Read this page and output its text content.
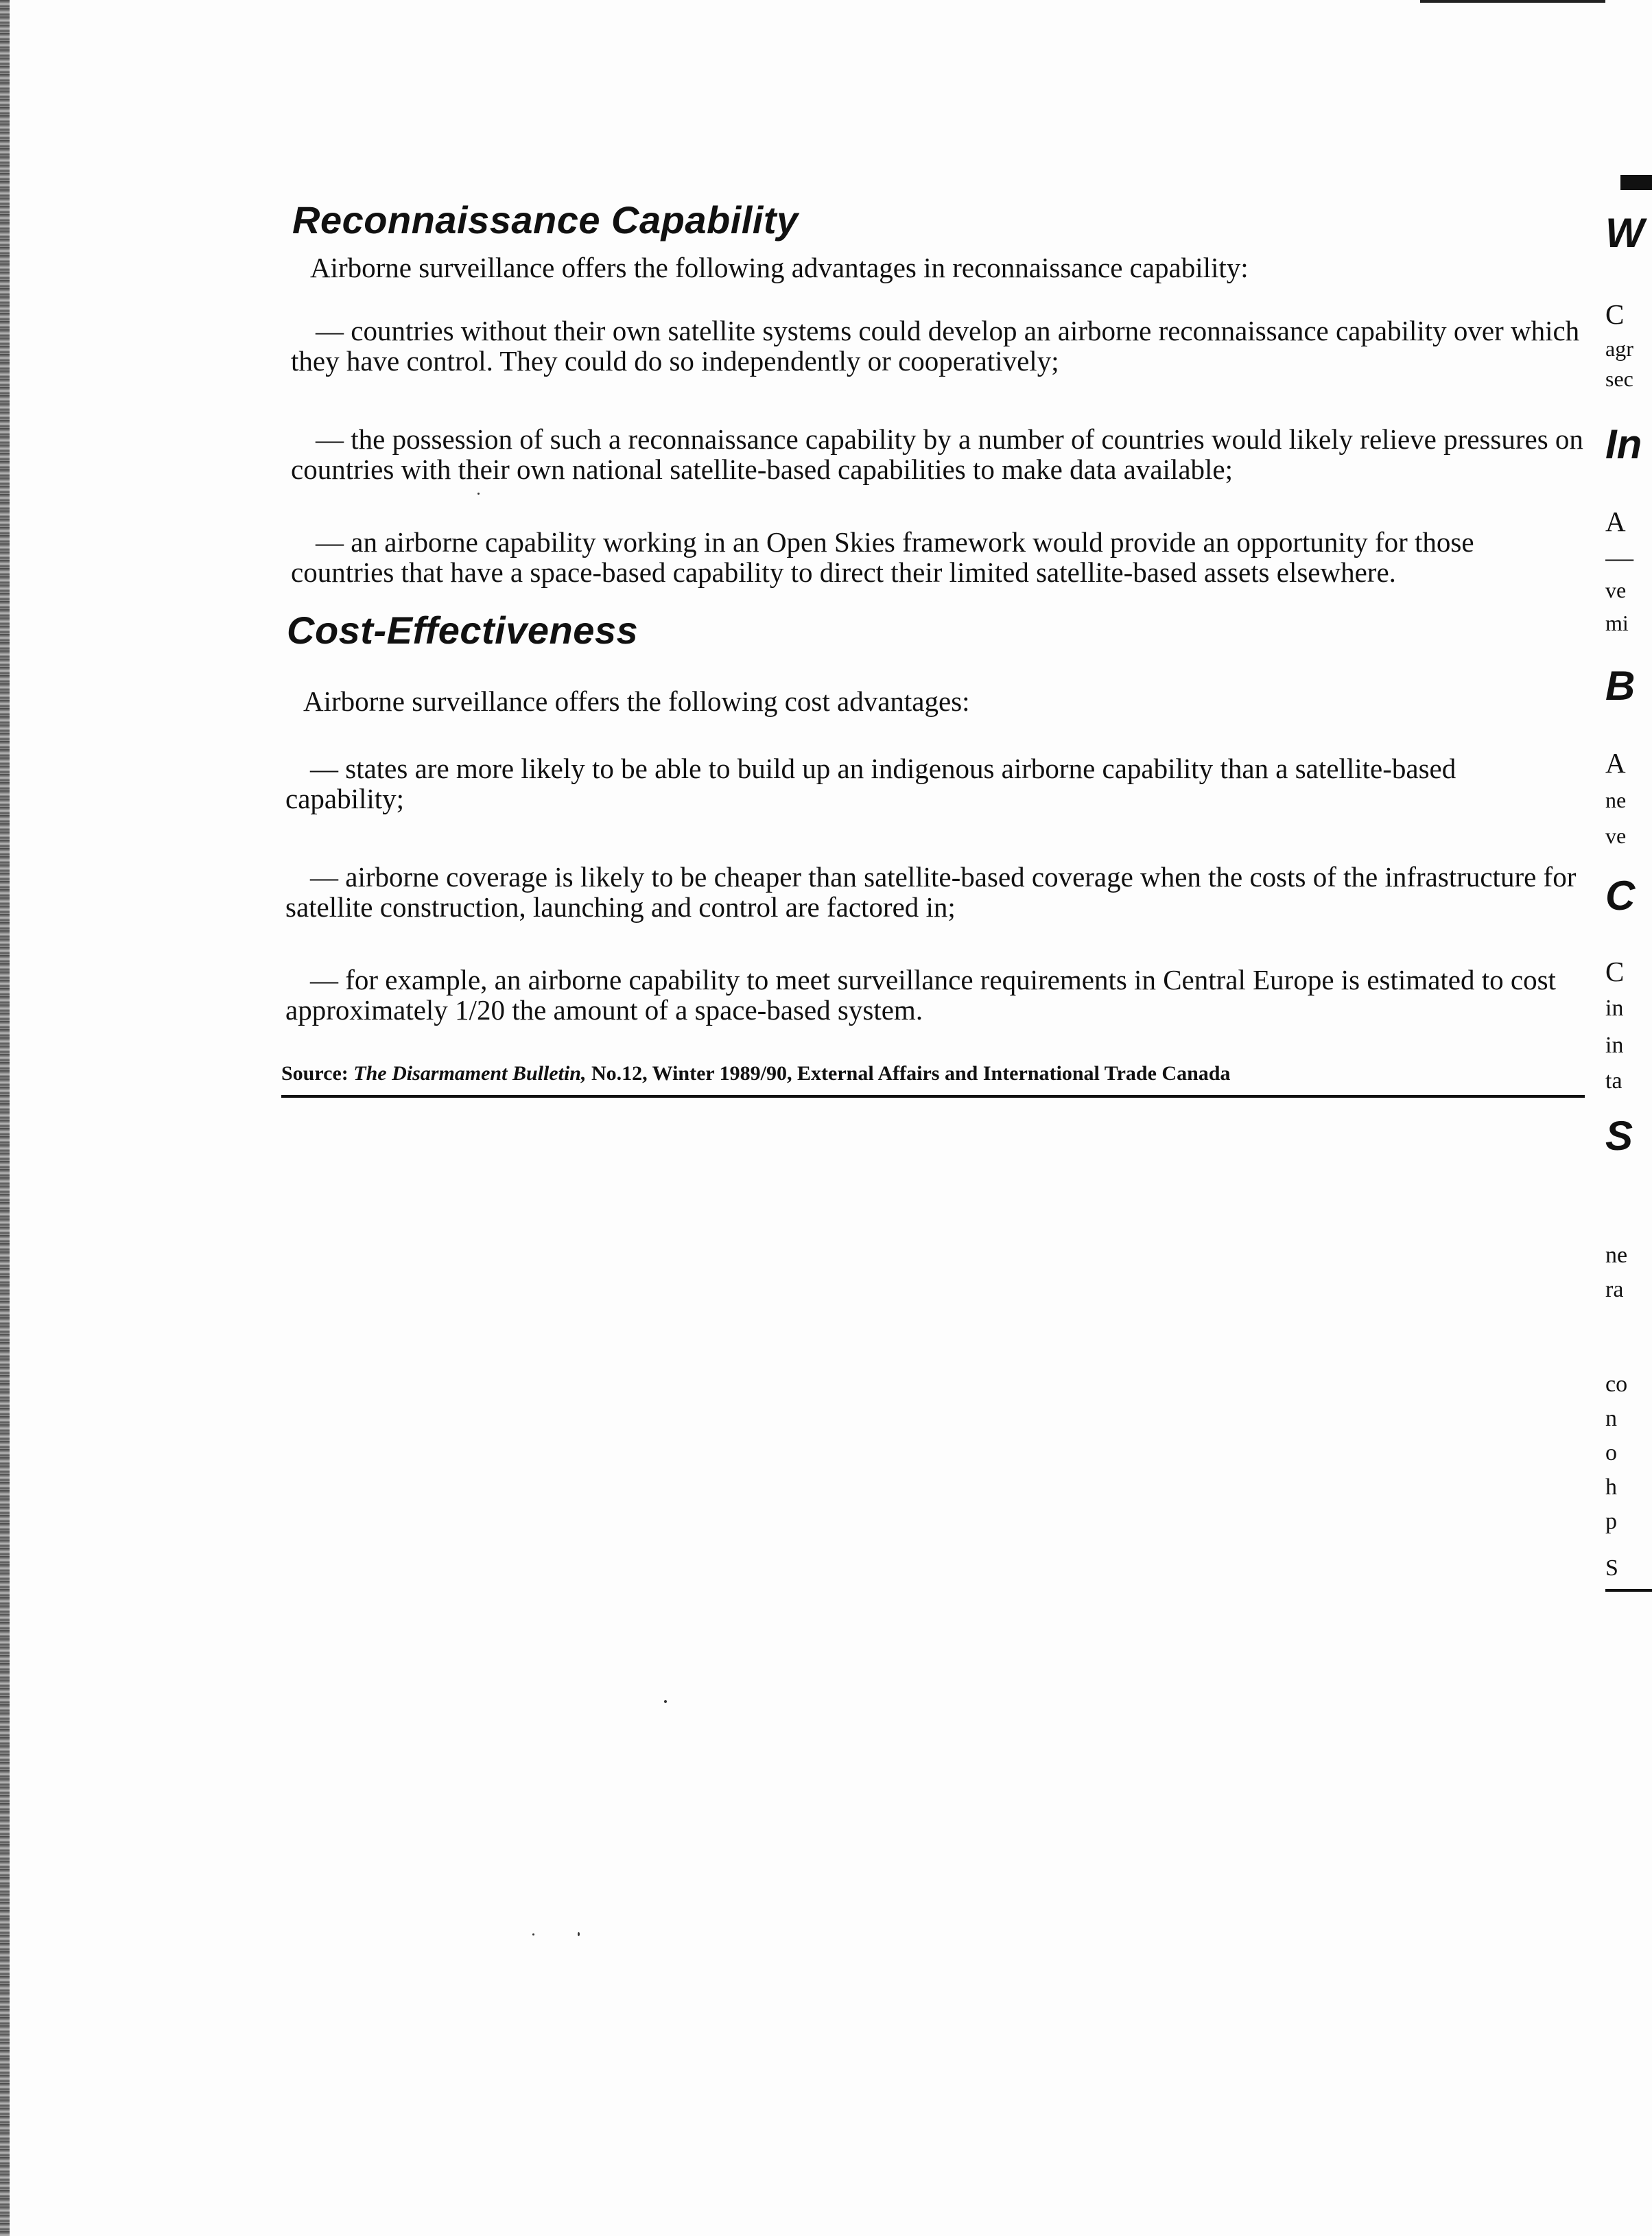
Reconnaissance Capability

Airborne surveillance offers the following advantages in reconnaissance capability:

— countries without their own satellite systems could develop an airborne reconnaissance capability over which they have control. They could do so independently or cooperatively;

— the possession of such a reconnaissance capability by a number of countries would likely relieve pressures on countries with their own national satellite-based capabilities to make data available;

— an airborne capability working in an Open Skies framework would provide an opportunity for those countries that have a space-based capability to direct their limited satellite-based assets elsewhere.

Cost-Effectiveness

Airborne surveillance offers the following cost advantages:

— states are more likely to be able to build up an indigenous airborne capability than a satellite-based capability;

— airborne coverage is likely to be cheaper than satellite-based coverage when the costs of the infrastructure for satellite construction, launching and control are factored in;

— for example, an airborne capability to meet surveillance requirements in Central Europe is estimated to cost approximately 1/20 the amount of a space-based system.

Source: The Disarmament Bulletin, No.12, Winter 1989/90, External Affairs and International Trade Canada
W
C
agr
sec
In
A
—
ve
mi
B
A
ne
ve
C
C
in
in
ta
S
ne
ra
co
n
o
h
p
S
